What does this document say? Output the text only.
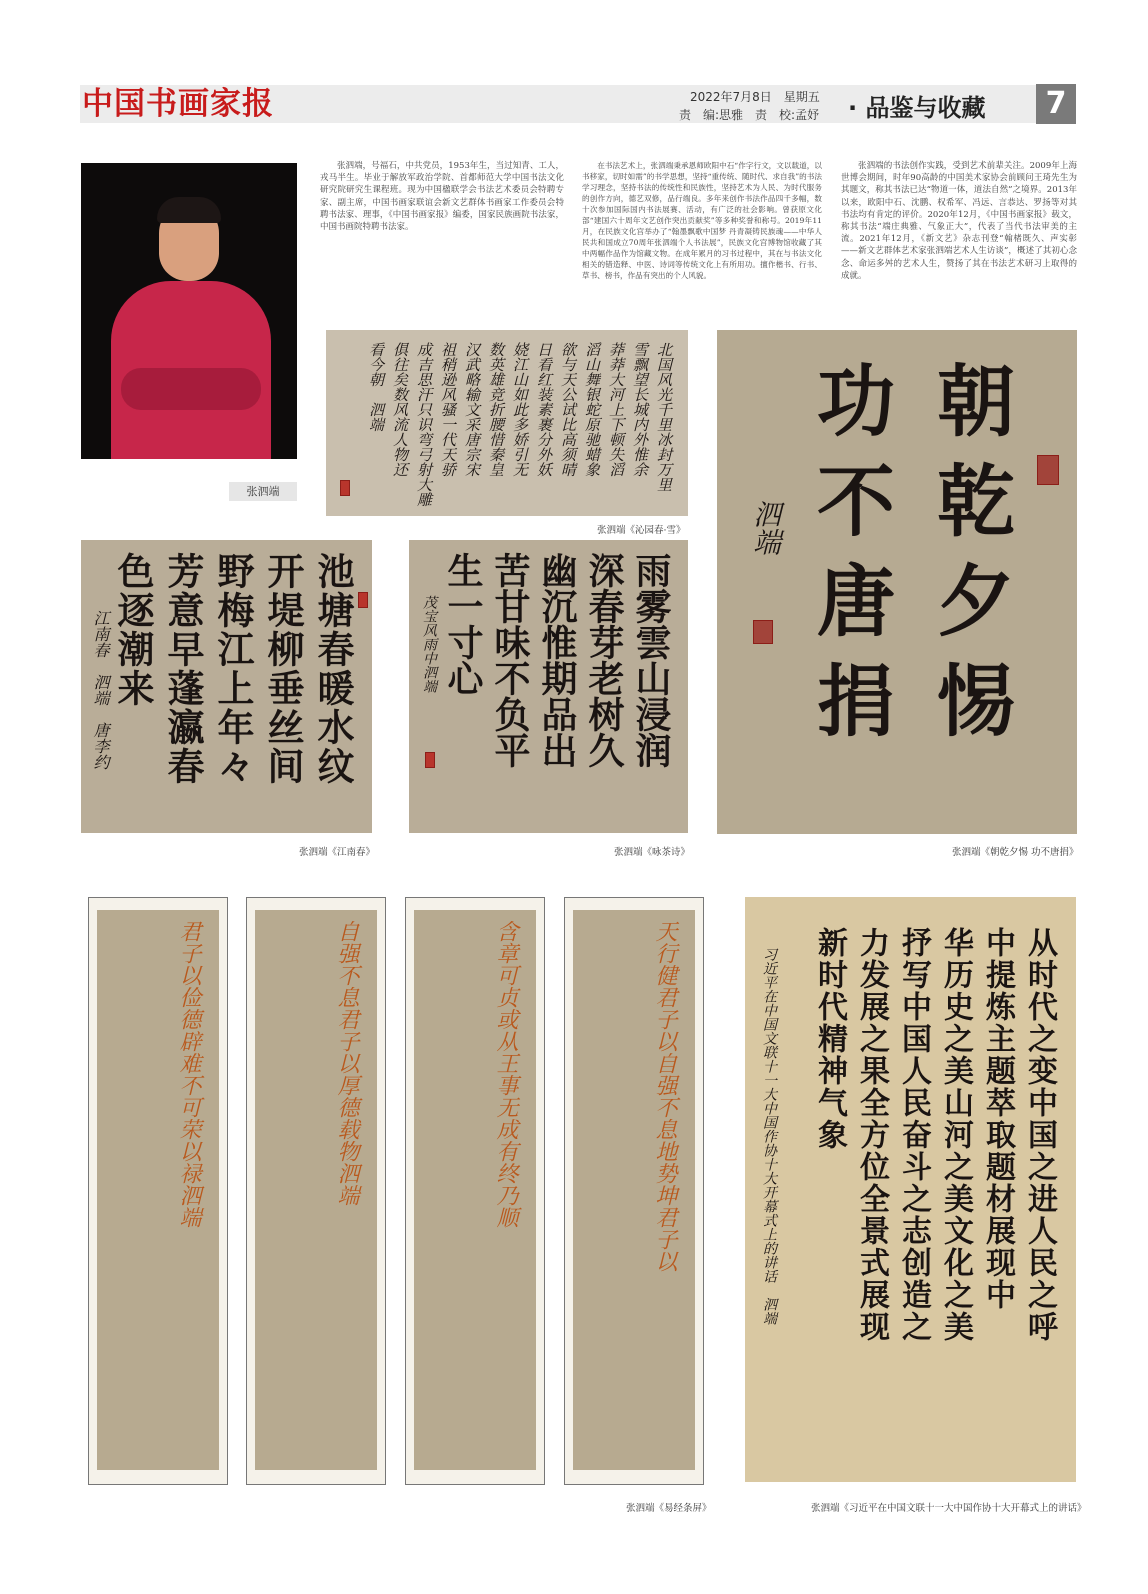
中国书画家报	2022年7月8日　星期五
责　编:思雅　责　校:孟妤 · 品鉴与收藏	7
张泗端

张泗端，号福石，中共党员，1953年生，当过知青、工人，戎马半生。毕业于解放军政治学院、首都师范大学中国书法文化研究院研究生课程班。现为中国楹联学会书法艺术委员会特聘专家、副主席，中国书画家联谊会新文艺群体书画家工作委员会特聘书法家、理事，《中国书画家报》编委，国家民族画院书法家，中国书画院特聘书法家。

在书法艺术上，张泗端秉承恩师欧阳中石“作字行文，文以载道，以书移家，切时如需”的书学思想，坚持“重传统、随时代、求自我”的书法学习理念，坚持书法的传统性和民族性，坚持艺术为人民、为时代服务的创作方向，德艺双修，品行端良。多年来创作书法作品四千多幅，数十次参加国际国内书法展赛、活动，有广泛的社会影响。曾获原文化部“建国六十周年文艺创作突出贡献奖”等多种奖誉和称号。2019年11月，在民族文化宫举办了“翰墨飘歌中国梦 丹青凝铸民族魂——中华人民共和国成立70周年张泗端个人书法展”，民族文化宫博物馆收藏了其中两幅作品作为馆藏文物。在成年累月的习书过程中，其在与书法文化相关的错造释、中医、诗词等传统文化上有所用功。擅作楷书、行书、草书、榜书，作品有突出的个人风貌。

张泗端的书法创作实践，受到艺术前辈关注。2009年上海世博会期间，时年90高龄的中国美术家协会前顾问王琦先生为其题文，称其书法已达“物道一体，道法自然”之境界。2013年以来，欧阳中石、沈鹏、权希军、冯远、言恭达、罗扬等对其书法均有肯定的评价。2020年12月，《中国书画家报》载文，称其书法“端庄典雅、气象正大”，代表了当代书法审美的主流。2021年12月，《新文艺》杂志刊登“翰楮既久、声实彰——新文艺群体艺术家张泗端艺术人生访谈”，概述了其初心念念、命运多舛的艺术人生，赞扬了其在书法艺术研习上取得的成就。

北国风光千里冰封万里
雪飘望长城内外惟余
莽莽大河上下顿失滔
滔山舞银蛇原驰蜡象
欲与天公试比高须晴
日看红装素裹分外妖
娆江山如此多娇引无
数英雄竞折腰惜秦皇
汉武略输文采唐宗宋
祖稍逊风骚一代天骄
成吉思汗只识弯弓射大雕
俱往矣数风流人物还
看今朝　泗端
张泗端《沁园春·雪》	朝乾夕惕
功不唐捐
泗端
张泗端《朝乾夕惕 功不唐捐》
池塘春暖水纹
开堤柳垂丝间
野梅江上年々
芳意早蓬瀛春
色逐潮来
江南春　泗端　唐李约
张泗端《江南春》
雨雾雲山浸润
深春芽老树久
幽沉惟期品出
苦甘味不负平
生一寸心
茂宝风雨中泗端
张泗端《咏茶诗》
君子以俭德辟难不可荣以禄泗端	自强不息君子以厚德载物泗端	含章可贞或从王事无成有终乃顺	天行健君子以自强不息地势坤君子以
张泗端《易经条屏》
从时代之变中国之进人民之呼
中提炼主题萃取题材展现中
华历史之美山河之美文化之美
抒写中国人民奋斗之志创造之
力发展之果全方位全景式展现
新时代精神气象
习近平在中国文联十一大中国作协十大开幕式上的讲话　泗端
张泗端《习近平在中国文联十一大中国作协十大开幕式上的讲话》
